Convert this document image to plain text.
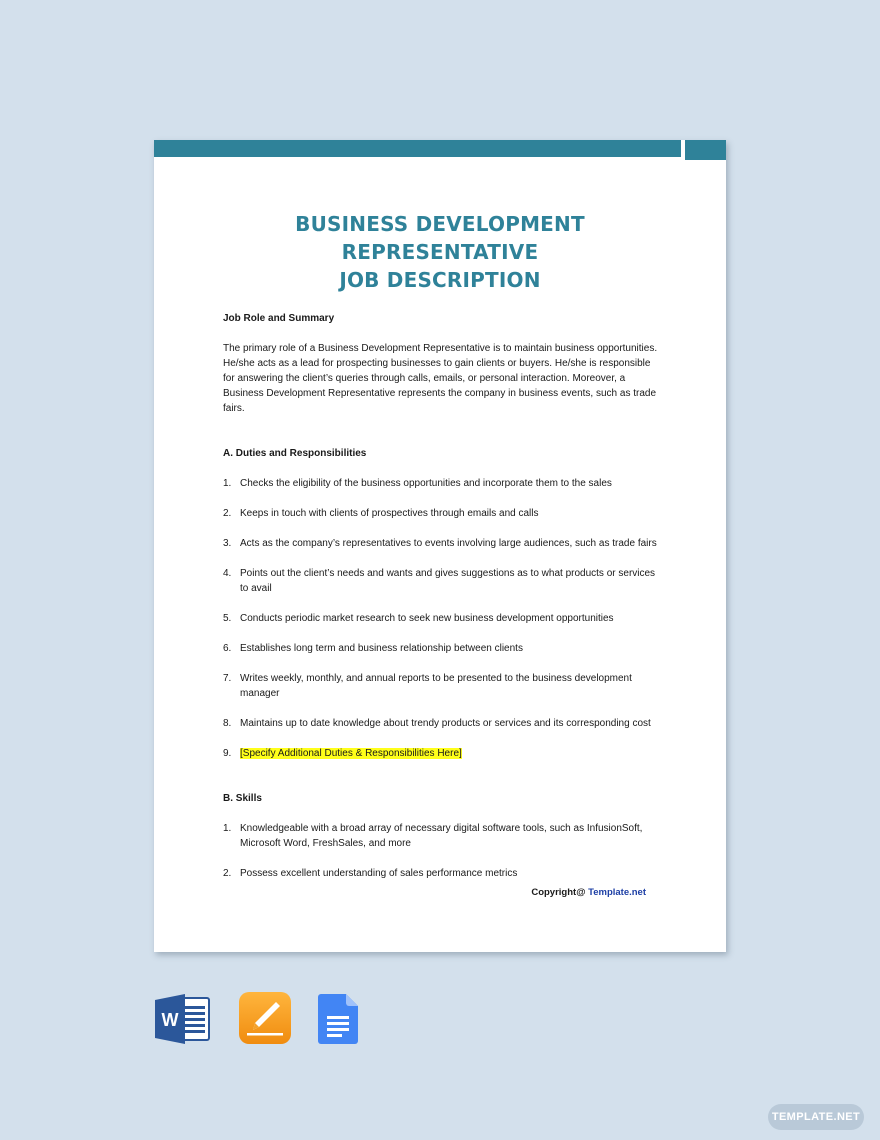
BUSINESS DEVELOPMENT REPRESENTATIVE
JOB DESCRIPTION

Job Role and Summary

The primary role of a Business Development Representative is to maintain business opportunities. He/she acts as a lead for prospecting businesses to gain clients or buyers. He/she is responsible for answering the client’s queries through calls, emails, or personal interaction. Moreover, a Business Development Representative represents the company in business events, such as trade fairs.

A. Duties and Responsibilities

1. Checks the eligibility of the business opportunities and incorporate them to the sales
2. Keeps in touch with clients of prospectives through emails and calls
3. Acts as the company’s representatives to events involving large audiences, such as trade fairs
4. Points out the client’s needs and wants and gives suggestions as to what products or services to avail
5. Conducts periodic market research to seek new business development opportunities
6. Establishes long term and business relationship between clients
7. Writes weekly, monthly, and annual reports to be presented to the business development manager
8. Maintains up to date knowledge about trendy products or services and its corresponding cost
9. [Specify Additional Duties & Responsibilities Here]

B. Skills

1. Knowledgeable with a broad array of necessary digital software tools, such as InfusionSoft, Microsoft Word, FreshSales, and more
2. Possess excellent understanding of sales performance metrics
Copyright@ Template.net
W
TEMPLATE.NET
